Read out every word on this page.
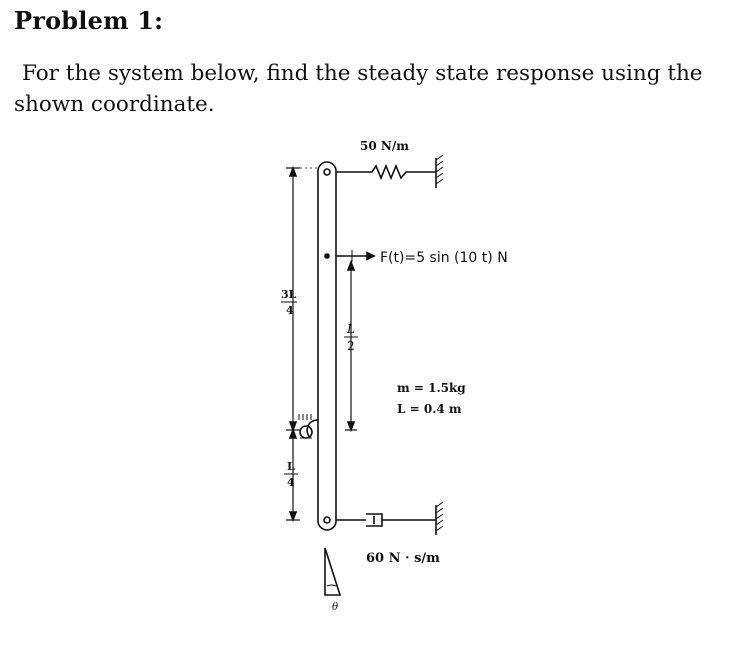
Problem 1:
For the system below, find the steady state response using the shown coordinate.
50 N/m
F(t)=5 sin (10 t) N
m = 1.5kg
L = 0.4 m
60 N · s/m
3L
4
L
4
L
2
θ
